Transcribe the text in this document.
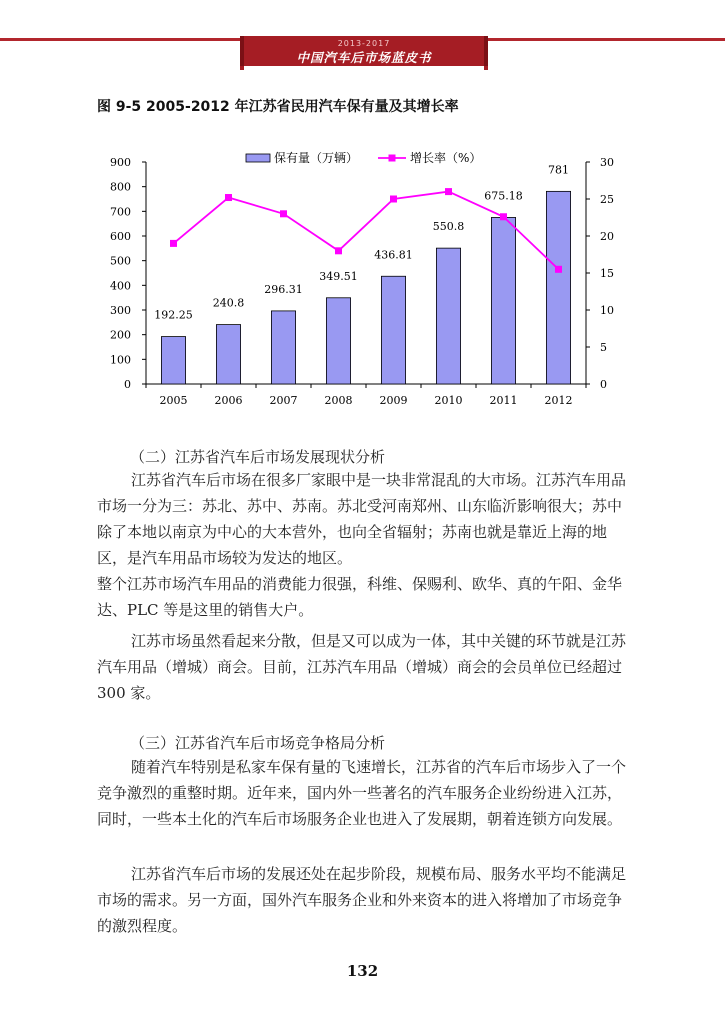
2013-2017
中国汽车后市场蓝皮书
图 9-5 2005-2012 年江苏省民用汽车保有量及其增长率
0
100
200
300
400
500
600
700
800
900
0
5
10
15
20
25
30
2005 2006 2007 2008 2009 2010 2011 2012
192.25
240.8
296.31
349.51
436.81
550.8
675.18
781
保有量（万辆）	增长率（%）
（二）江苏省汽车后市场发展现状分析

江苏省汽车后市场在很多厂家眼中是一块非常混乱的大市场。江苏汽车用品市场一分为三：苏北、苏中、苏南。苏北受河南郑州、山东临沂影响很大；苏中除了本地以南京为中心的大本营外，也向全省辐射；苏南也就是靠近上海的地区，是汽车用品市场较为发达的地区。

整个江苏市场汽车用品的消费能力很强，科维、保赐利、欧华、真的午阳、金华达、PLC 等是这里的销售大户。

江苏市场虽然看起来分散，但是又可以成为一体，其中关键的环节就是江苏汽车用品（增城）商会。目前，江苏汽车用品（增城）商会的会员单位已经超过 300 家。

（三）江苏省汽车后市场竞争格局分析

随着汽车特别是私家车保有量的飞速增长，江苏省的汽车后市场步入了一个竞争激烈的重整时期。近年来，国内外一些著名的汽车服务企业纷纷进入江苏，同时，一些本土化的汽车后市场服务企业也进入了发展期，朝着连锁方向发展。

江苏省汽车后市场的发展还处在起步阶段，规模布局、服务水平均不能满足市场的需求。另一方面，国外汽车服务企业和外来资本的进入将增加了市场竞争的激烈程度。

132
